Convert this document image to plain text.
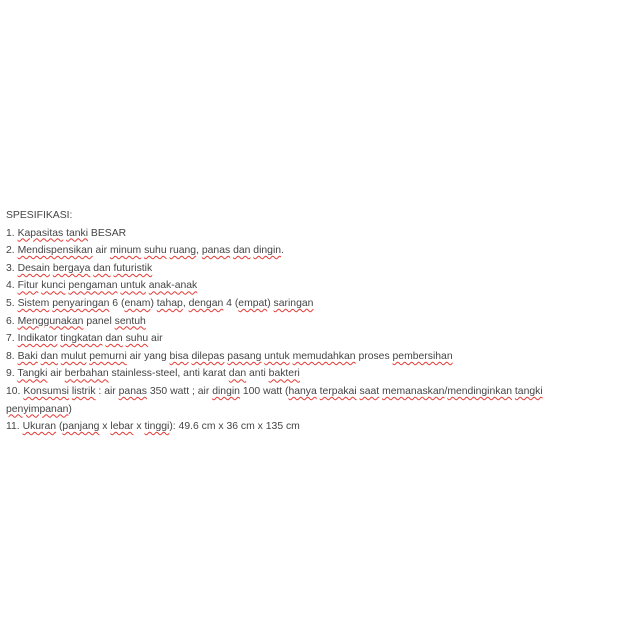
SPESIFIKASI:

1. Kapasitas tanki BESAR

2. Mendispensikan air minum suhu ruang, panas dan dingin.

3. Desain bergaya dan futuristik

4. Fitur kunci pengaman untuk anak-anak

5. Sistem penyaringan 6 (enam) tahap, dengan 4 (empat) saringan

6. Menggunakan panel sentuh

7. Indikator tingkatan dan suhu air

8. Baki dan mulut pemurni air yang bisa dilepas pasang untuk memudahkan proses pembersihan

9. Tangki air berbahan stainless-steel, anti karat dan anti bakteri

10. Konsumsi listrik : air panas 350 watt ; air dingin 100 watt (hanya terpakai saat memanaskan/mendinginkan tangki penyimpanan)

11. Ukuran (panjang x lebar x tinggi): 49.6 cm x 36 cm x 135 cm
